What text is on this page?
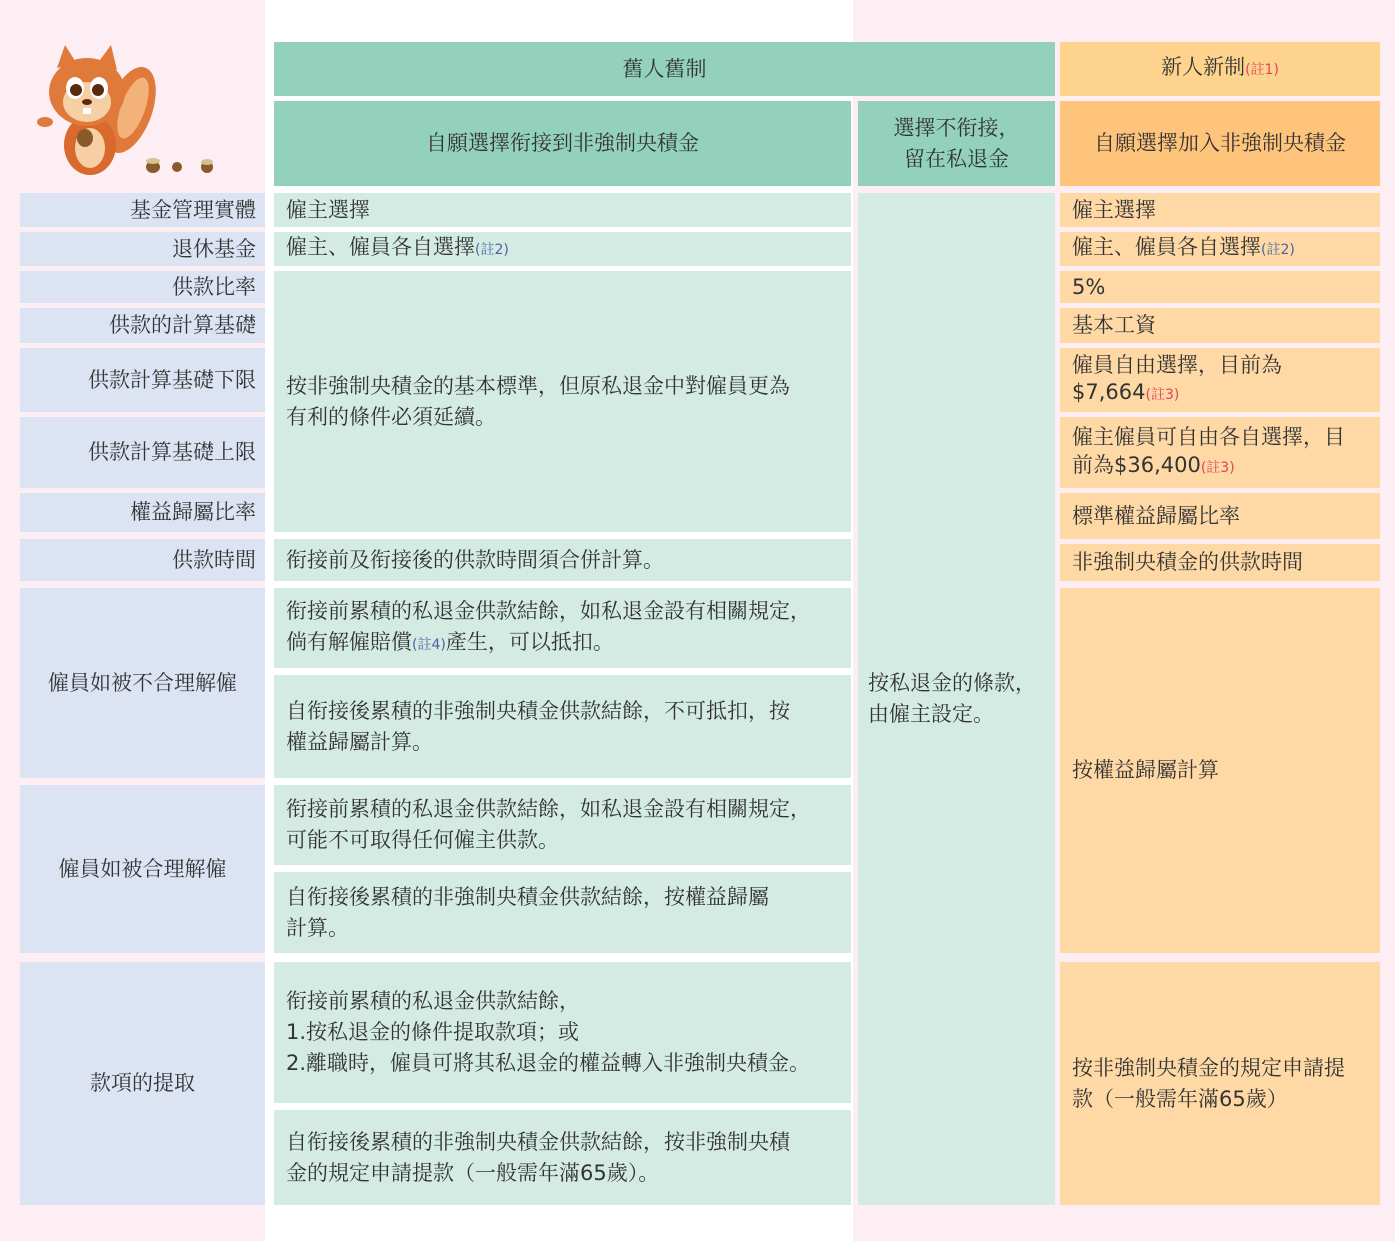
舊人舊制	新人新制(註1)
自願選擇衔接到非強制央積金
選擇不衔接，
留在私退金
自願選擇加入非強制央積金
基金管理實體
退休基金
供款比率
供款的計算基礎
供款計算基礎下限
供款計算基礎上限
權益歸屬比率
供款時間
僱員如被不合理解僱
僱員如被合理解僱
款項的提取
僱主選擇
僱主、僱員各自選擇(註2)
按非強制央積金的基本標準，但原私退金中對僱員更為
有利的條件必須延續。
衔接前及衔接後的供款時間須合併計算。
衔接前累積的私退金供款結餘，如私退金設有相關規定，
倘有解僱賠償(註4)產生，可以抵扣。
自衔接後累積的非強制央積金供款結餘，不可抵扣，按
權益歸屬計算。
衔接前累積的私退金供款結餘，如私退金設有相關規定，
可能不可取得任何僱主供款。
自衔接後累積的非強制央積金供款結餘，按權益歸屬
計算。
衔接前累積的私退金供款結餘，
1.按私退金的條件提取款項；或
2.離職時，僱員可將其私退金的權益轉入非強制央積金。
自衔接後累積的非強制央積金供款結餘，按非強制央積
金的規定申請提款（一般需年滿65歲）。
按私退金的條款，
由僱主設定。
僱主選擇
僱主、僱員各自選擇(註2)
5%
基本工資
僱員自由選擇，目前為
$7,664(註3)
僱主僱員可自由各自選擇，目
前為$36,400(註3)
標準權益歸屬比率
非強制央積金的供款時間
按權益歸屬計算
按非強制央積金的規定申請提
款（一般需年滿65歲）
